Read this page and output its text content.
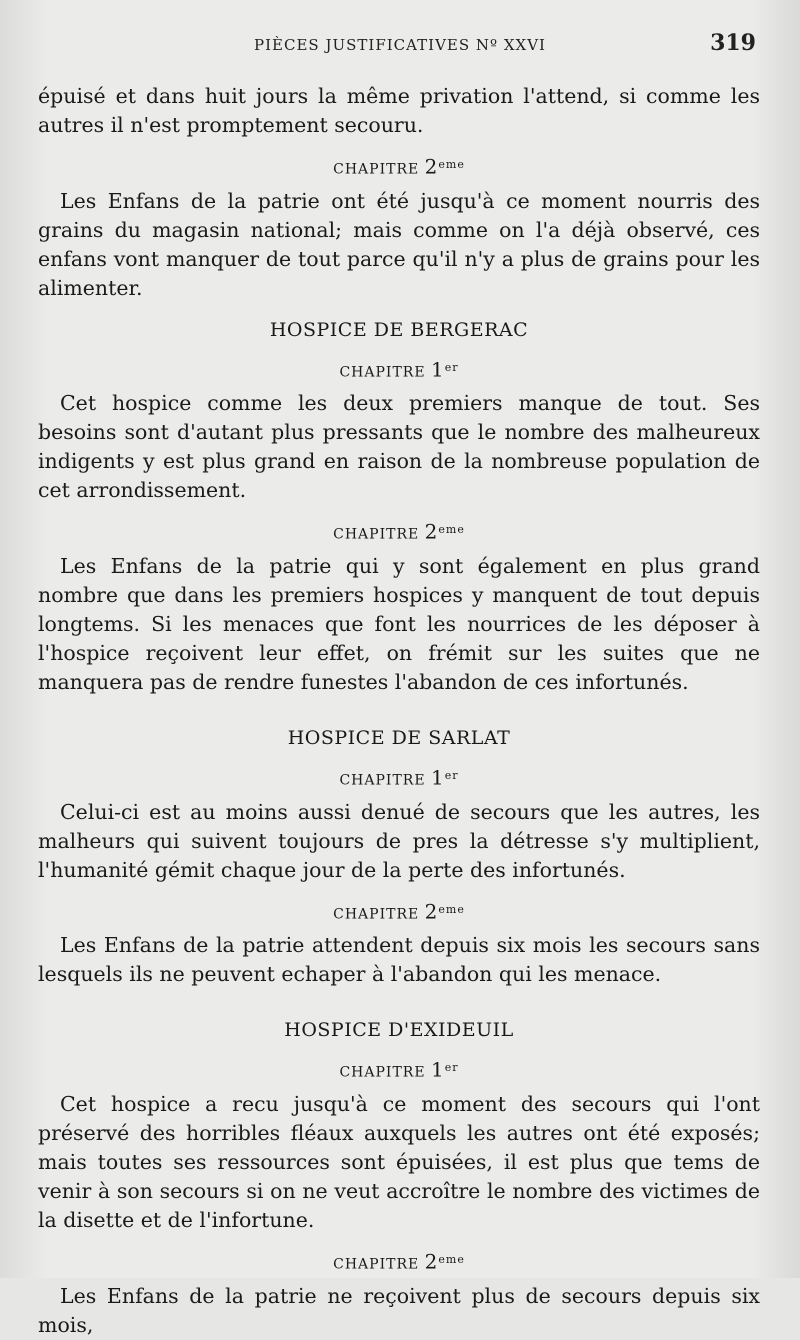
PIÈCES JUSTIFICATIVES Nº XXVI	319

épuisé et dans huit jours la même privation l'attend, si comme les autres il n'est promptement secouru.

CHAPITRE 2eme

Les Enfans de la patrie ont été jusqu'à ce moment nourris des grains du magasin national; mais comme on l'a déjà observé, ces enfans vont manquer de tout parce qu'il n'y a plus de grains pour les alimenter.

HOSPICE DE BERGERAC
CHAPITRE 1er

Cet hospice comme les deux premiers manque de tout. Ses besoins sont d'autant plus pressants que le nombre des malheureux indigents y est plus grand en raison de la nombreuse population de cet arrondissement.

CHAPITRE 2eme

Les Enfans de la patrie qui y sont également en plus grand nombre que dans les premiers hospices y manquent de tout depuis longtems. Si les menaces que font les nourrices de les déposer à l'hospice reçoivent leur effet, on frémit sur les suites que ne manquera pas de rendre funestes l'abandon de ces infortunés.

HOSPICE DE SARLAT
CHAPITRE 1er

Celui-ci est au moins aussi denué de secours que les autres, les malheurs qui suivent toujours de pres la détresse s'y multiplient, l'humanité gémit chaque jour de la perte des infortunés.

CHAPITRE 2eme

Les Enfans de la patrie attendent depuis six mois les secours sans lesquels ils ne peuvent echaper à l'abandon qui les menace.

HOSPICE D'EXIDEUIL
CHAPITRE 1er

Cet hospice a recu jusqu'à ce moment des secours qui l'ont préservé des horribles fléaux auxquels les autres ont été exposés; mais toutes ses ressources sont épuisées, il est plus que tems de venir à son secours si on ne veut accroître le nombre des victimes de la disette et de l'infortune.

CHAPITRE 2eme

Les Enfans de la patrie ne reçoivent plus de secours depuis six mois,
